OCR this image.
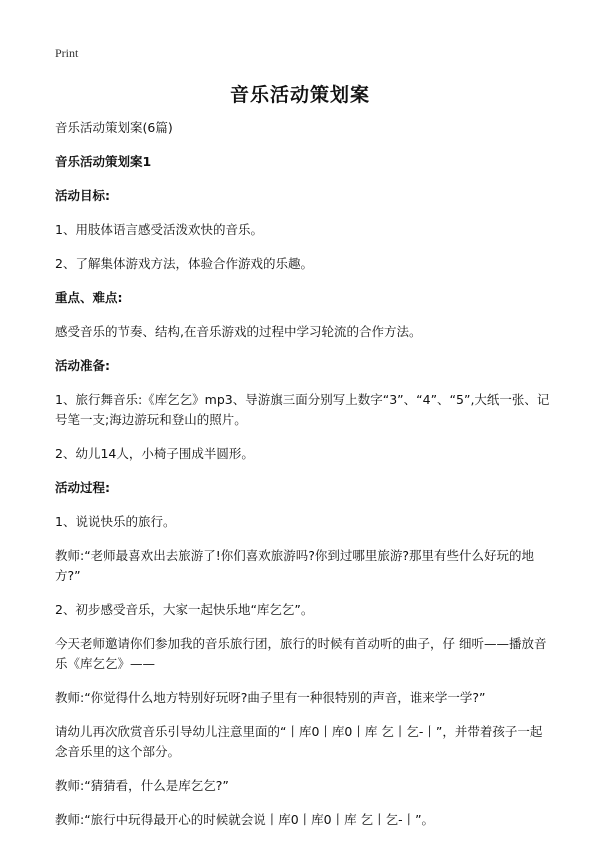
Print
音乐活动策划案

音乐活动策划案(6篇)

音乐活动策划案1

活动目标:

1、用肢体语言感受活泼欢快的音乐。

2、了解集体游戏方法，体验合作游戏的乐趣。

重点、难点:

感受音乐的节奏、结构,在音乐游戏的过程中学习轮流的合作方法。

活动准备:

1、旅行舞音乐:《库乞乞》mp3、导游旗三面分别写上数字“3”、“4”、“5”,大纸一张、记号笔一支;海边游玩和登山的照片。

2、幼儿14人，小椅子围成半圆形。

活动过程:

1、说说快乐的旅行。

教师:“老师最喜欢出去旅游了!你们喜欢旅游吗?你到过哪里旅游?那里有些什么好玩的地方?”

2、初步感受音乐，大家一起快乐地“库乞乞”。

今天老师邀请你们参加我的音乐旅行团，旅行的时候有首动听的曲子，仔 细听——播放音乐《库乞乞》——

教师:“你觉得什么地方特别好玩呀?曲子里有一种很特别的声音，谁来学一学?”

请幼儿再次欣赏音乐引导幼儿注意里面的“丨库0丨库0丨库 乞丨乞-丨”，并带着孩子一起念音乐里的这个部分。

教师:“猜猜看，什么是库乞乞?”

教师:“旅行中玩得最开心的时候就会说丨库0丨库0丨库 乞丨乞-丨”。
